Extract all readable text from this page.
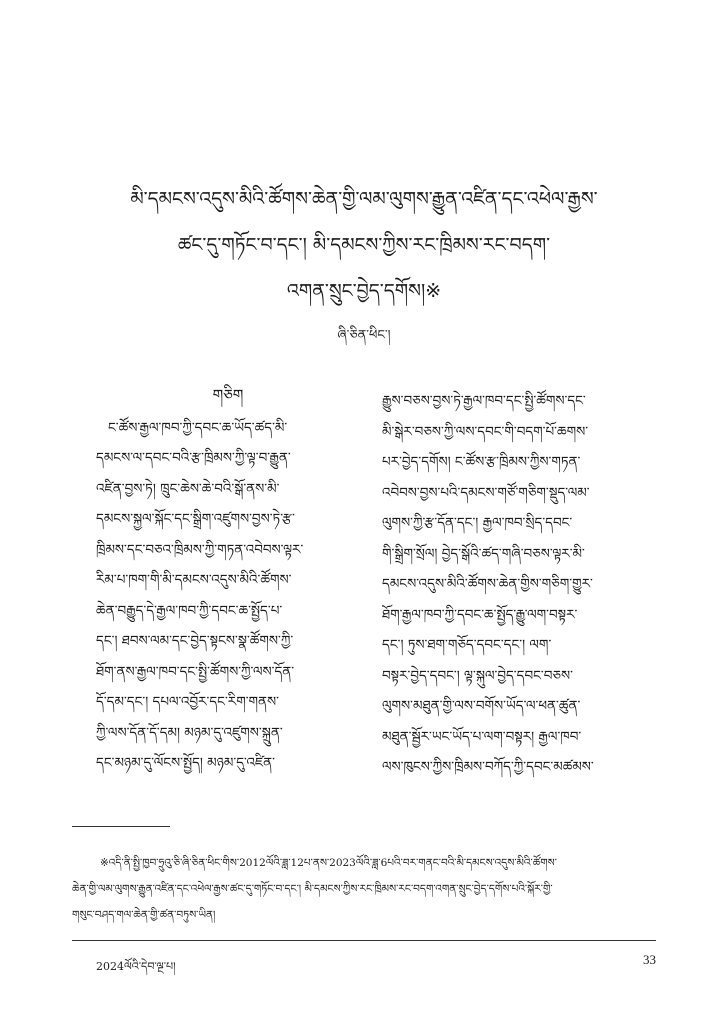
མི་དམངས་འདུས་མིའི་ཚོགས་ཆེན་གྱི་ལམ་ལུགས་རྒྱུན་འཛིན་དང་འཕེལ་རྒྱས་
ཚང་དུ་གཏོང་བ་དང་། མི་དམངས་ཀྱིས་རང་ཁྲིམས་རང་བདག་
འགན་སྲུང་བྱེད་དགོས།※
ཞི་ཅིན་ཕིང་།
གཅིག
ང་ཚོས་རྒྱལ་ཁབ་ཀྱི་དབང་ཆ་ཡོད་ཚད་མི་
དམངས་ལ་དབང་བའི་རྩ་ཁྲིམས་ཀྱི་ལྟ་བ་རྒྱུན་
འཛིན་བྱས་ཏེ། ཁྲུང་ཆེས་ཆེ་བའི་སྒོ་ནས་མི་
དམངས་སྐྱལ་སྐོང་དང་སྒྲིག་འཛུགས་བྱས་ཏེ་རྩ་
ཁྲིམས་དང་བཅའ་ཁྲིམས་ཀྱི་གཏན་འབེབས་ལྟར་
རིམ་པ་ཁག་གི་མི་དམངས་འདུས་མིའི་ཚོགས་
ཆེན་བརྒྱུད་དེ་རྒྱལ་ཁབ་ཀྱི་དབང་ཆ་སྤྱོད་པ་
དང་། ཐབས་ལམ་དང་བྱེད་སྟངས་སྣ་ཚོགས་ཀྱི་
ཐོག་ནས་རྒྱལ་ཁབ་དང་སྤྱི་ཚོགས་ཀྱི་ལས་དོན་
དོ་དམ་དང་། དཔལ་འབྱོར་དང་རིག་གནས་
ཀྱི་ལས་དོན་དོ་དམ། མཉམ་དུ་འཛུགས་སྐྲུན་
དང་མཉམ་དུ་ལོངས་སྤྱོད། མཉམ་དུ་འཛིན་
རྒྱུས་བཅས་བྱས་ཏེ་རྒྱལ་ཁབ་དང་སྤྱི་ཚོགས་དང་
མི་སྒེར་བཅས་ཀྱི་ལས་དབང་གི་བདག་པོ་ཆགས་
པར་བྱེད་དགོས། ང་ཚོས་རྩ་ཁྲིམས་ཀྱིས་གཏན་
འབེབས་བྱས་པའི་དམངས་གཙོ་གཅིག་སྡུད་ལམ་
ལུགས་ཀྱི་རྩ་དོན་དང་། རྒྱལ་ཁབ་སྲིད་དབང་
གི་སྒྲིག་སྲོལ། བྱེད་སྒོའི་ཚད་གཞི་བཅས་ལྟར་མི་
དམངས་འདུས་མིའི་ཚོགས་ཆེན་གྱིས་གཅིག་གྱུར་
ཐོག་རྒྱལ་ཁབ་ཀྱི་དབང་ཆ་སྤྱོད་རྒྱུ་ལག་བསྟར་
དང་། ཏུས་ཐག་གཅོད་དབང་དང་། ལག་
བསྟར་བྱེད་དབང་། ལྟ་སྐུལ་བྱེད་དབང་བཅས་
ལུགས་མཐུན་གྱི་ལས་བགོས་ཡོད་ལ་ཕན་ཚུན་
མཐུན་སྦྱོར་ཡང་ཡོད་པ་ལག་བསྟར། རྒྱལ་ཁབ་
ལས་ཁུངས་ཀྱིས་ཁྲིམས་བཀོད་ཀྱི་དབང་མཚམས་
※འདི་ནི་སྤྱི་ཁྱབ་ཧྲུའུ་ཅི་ཞི་ཅིན་ཕིང་གིས་2012ལོའི་ཟླ་12པ་ནས་2023ལོའི་ཟླ་6པའི་བར་གནང་བའི་མི་དམངས་འདུས་མིའི་ཚོགས་
ཆེན་གྱི་ལམ་ལུགས་རྒྱུན་འཛིན་དང་འཕེལ་རྒྱས་ཚང་དུ་གཏོང་བ་དང་། མི་དམངས་ཀྱིས་རང་ཁྲིམས་རང་བདག་འགན་སྲུང་བྱེད་དགོས་པའི་སྐོར་གྱི་
གསུང་བཤད་གལ་ཆེན་གྱི་ཚན་བཏུས་ཡིན།
2024ལོའི་དེབ་ལྔ་པ།	33
